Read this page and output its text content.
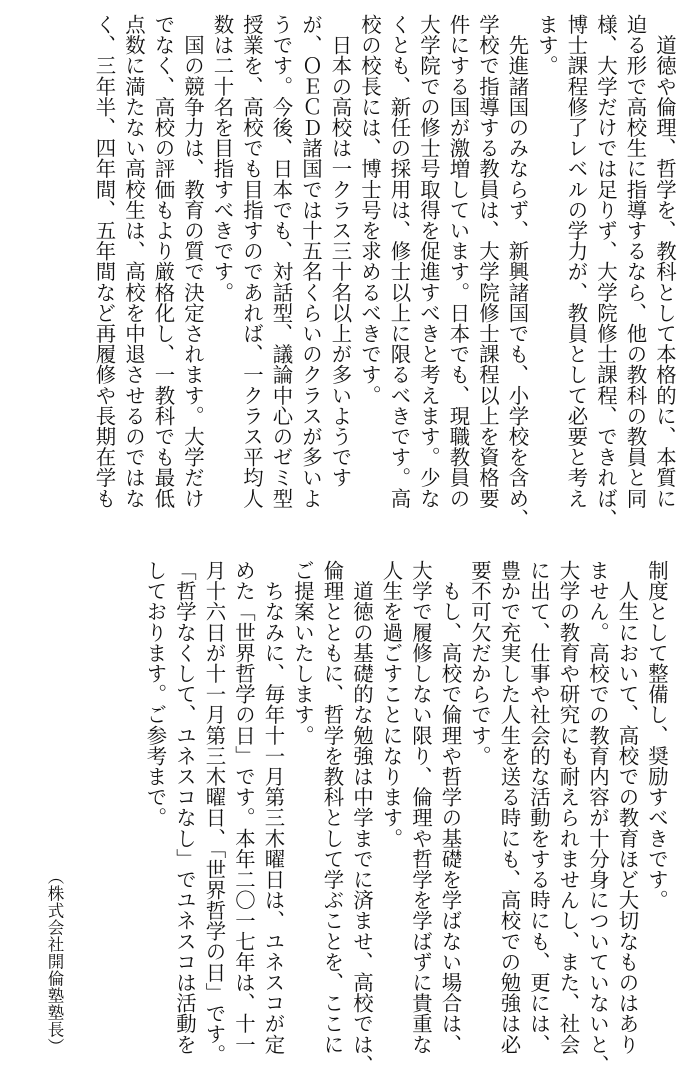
　道徳や倫理、哲学を、教科として本格的に、本質に
迫る形で高校生に指導するなら、他の教科の教員と同
様、大学だけでは足りず、大学院修士課程、できれば、
博士課程修了レベルの学力が、教員として必要と考え
ます。
　先進諸国のみならず、新興諸国でも、小学校を含め、
学校で指導する教員は、大学院修士課程以上を資格要
件にする国が激増しています。日本でも、現職教員の
大学院での修士号取得を促進すべきと考えます。少な
くとも、新任の採用は、修士以上に限るべきです。高
校の校長には、博士号を求めるべきです。
　日本の高校は一クラス三十名以上が多いようです
が、ＯＥＣＤ諸国では十五名くらいのクラスが多いよ
うです。今後、日本でも、対話型、議論中心のゼミ型
授業を、高校でも目指すのであれば、一クラス平均人
数は二十名を目指すべきです。
　国の競争力は、教育の質で決定されます。大学だけ
でなく、高校の評価もより厳格化し、一教科でも最低
点数に満たない高校生は、高校を中退させるのではな
く、三年半、四年間、五年間など再履修や長期在学も
制度として整備し、奨励すべきです。
　人生において、高校での教育ほど大切なものはあり
ません。高校での教育内容が十分身についていないと、
大学の教育や研究にも耐えられませんし、また、社会
に出て、仕事や社会的な活動をする時にも、更には、
豊かで充実した人生を送る時にも、高校での勉強は必
要不可欠だからです。
　もし、高校で倫理や哲学の基礎を学ばない場合は、
大学で履修しない限り、倫理や哲学を学ばずに貴重な
人生を過ごすことになります。
　道徳の基礎的な勉強は中学までに済ませ、高校では、
倫理とともに、哲学を教科として学ぶことを、ここに
ご提案いたします。
　ちなみに、毎年十一月第三木曜日は、ユネスコが定
めた「世界哲学の日」です。本年二〇一七年は、十一
月十六日が十一月第三木曜日、「世界哲学の日」です。
「哲学なくして、ユネスコなし」でユネスコは活動を
しております。ご参考まで。
（株式会社開倫塾塾長）
